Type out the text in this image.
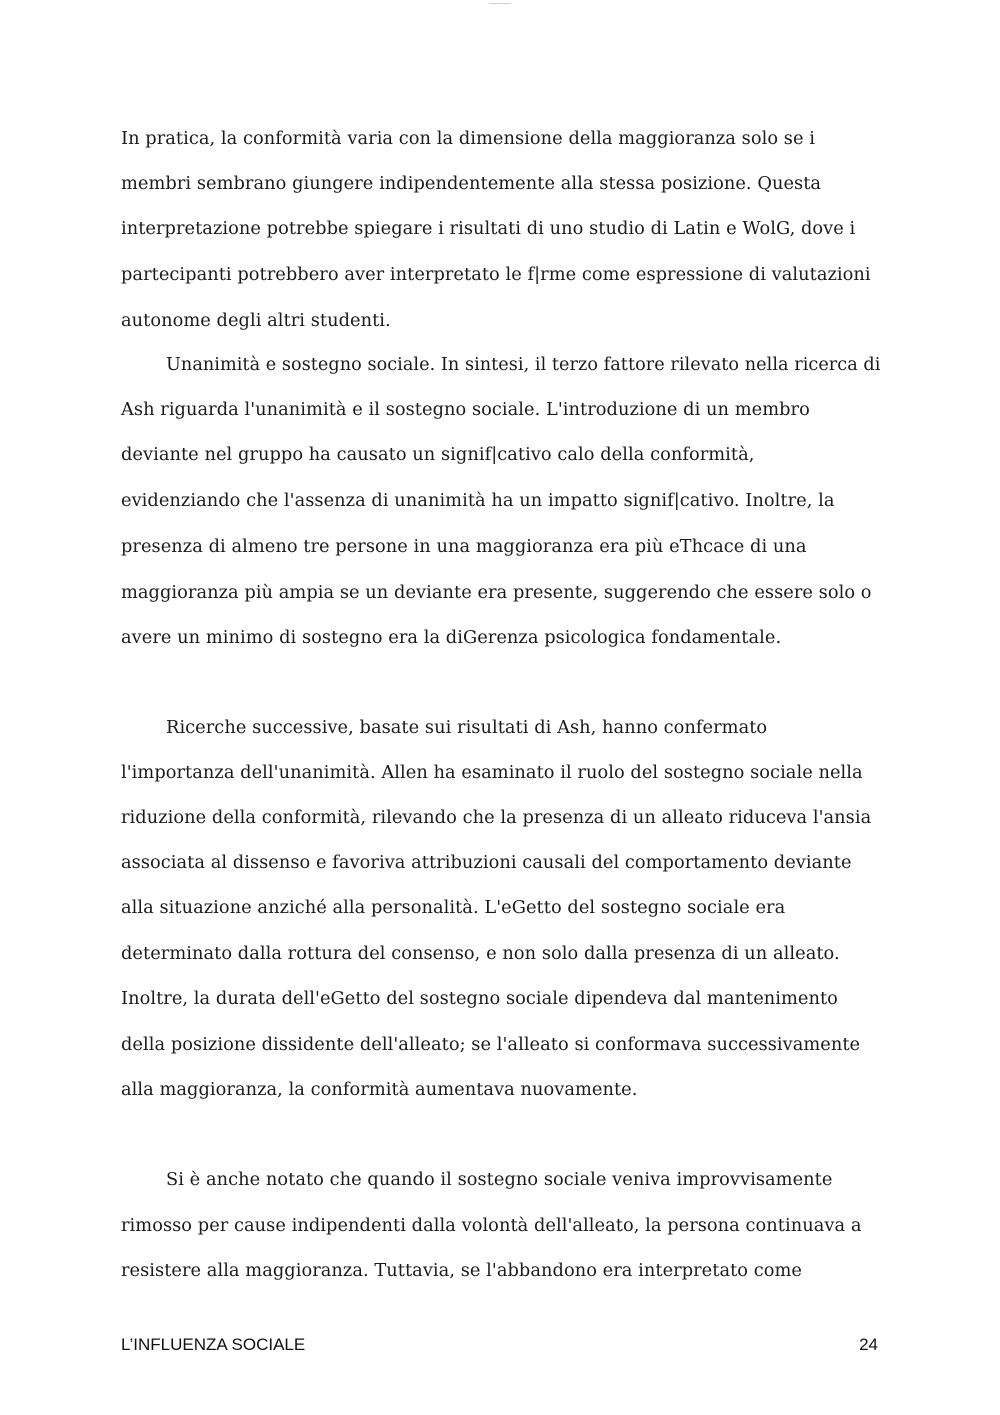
In pratica, la conformità varia con la dimensione della maggioranza solo se i

membri sembrano giungere indipendentemente alla stessa posizione. Questa

interpretazione potrebbe spiegare i risultati di uno studio di Latin e WolG, dove i

partecipanti potrebbero aver interpretato le f|rme come espressione di valutazioni

autonome degli altri studenti.

Unanimità e sostegno sociale. In sintesi, il terzo fattore rilevato nella ricerca di

Ash riguarda l'unanimità e il sostegno sociale. L'introduzione di un membro

deviante nel gruppo ha causato un signif|cativo calo della conformità,

evidenziando che l'assenza di unanimità ha un impatto signif|cativo. Inoltre, la

presenza di almeno tre persone in una maggioranza era più eThcace di una

maggioranza più ampia se un deviante era presente, suggerendo che essere solo o

avere un minimo di sostegno era la diGerenza psicologica fondamentale.

Ricerche successive, basate sui risultati di Ash, hanno confermato

l'importanza dell'unanimità. Allen ha esaminato il ruolo del sostegno sociale nella

riduzione della conformità, rilevando che la presenza di un alleato riduceva l'ansia

associata al dissenso e favoriva attribuzioni causali del comportamento deviante

alla situazione anziché alla personalità. L'eGetto del sostegno sociale era

determinato dalla rottura del consenso, e non solo dalla presenza di un alleato.

Inoltre, la durata dell'eGetto del sostegno sociale dipendeva dal mantenimento

della posizione dissidente dell'alleato; se l'alleato si conformava successivamente

alla maggioranza, la conformità aumentava nuovamente.

Si è anche notato che quando il sostegno sociale veniva improvvisamente

rimosso per cause indipendenti dalla volontà dell'alleato, la persona continuava a

resistere alla maggioranza. Tuttavia, se l'abbandono era interpretato come

L’INFLUENZA SOCIALE	24
